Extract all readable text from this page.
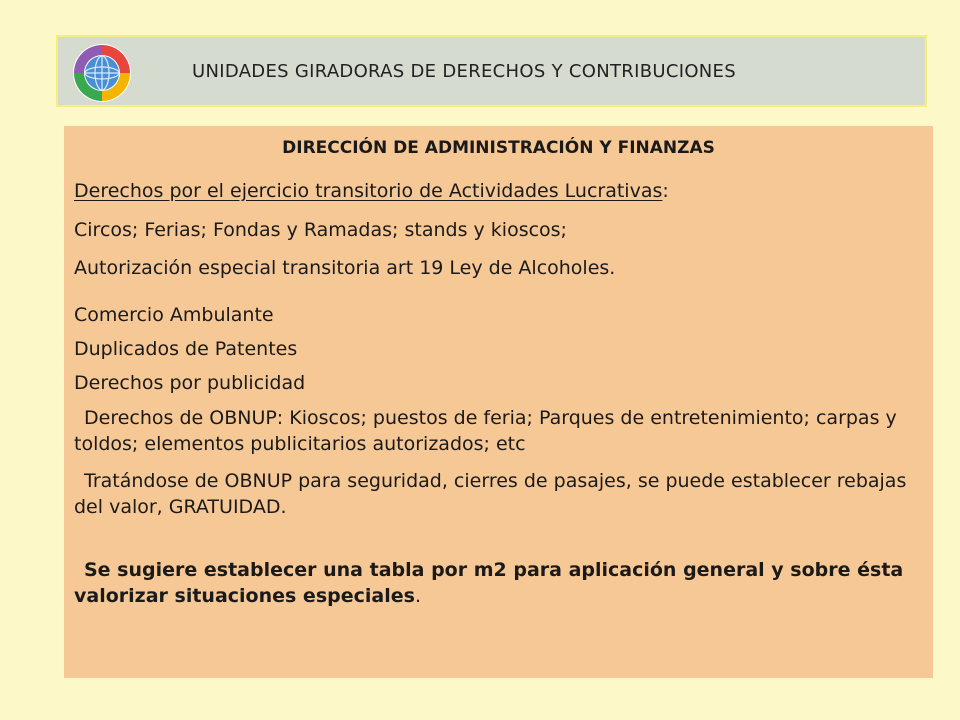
UNIDADES GIRADORAS DE DERECHOS Y CONTRIBUCIONES
DIRECCIÓN DE ADMINISTRACIÓN Y FINANZAS
Derechos por el ejercicio transitorio de Actividades Lucrativas:
Circos; Ferias; Fondas y Ramadas; stands y kioscos;
Autorización especial transitoria art 19 Ley de Alcoholes.
Comercio Ambulante
Duplicados de Patentes
Derechos por publicidad
Derechos de OBNUP: Kioscos; puestos de feria; Parques de entretenimiento; carpas y toldos; elementos publicitarios autorizados; etc
Tratándose de OBNUP para seguridad, cierres de pasajes, se puede establecer rebajas del valor, GRATUIDAD.
Se sugiere establecer una tabla por m2 para aplicación general y sobre ésta valorizar situaciones especiales.
